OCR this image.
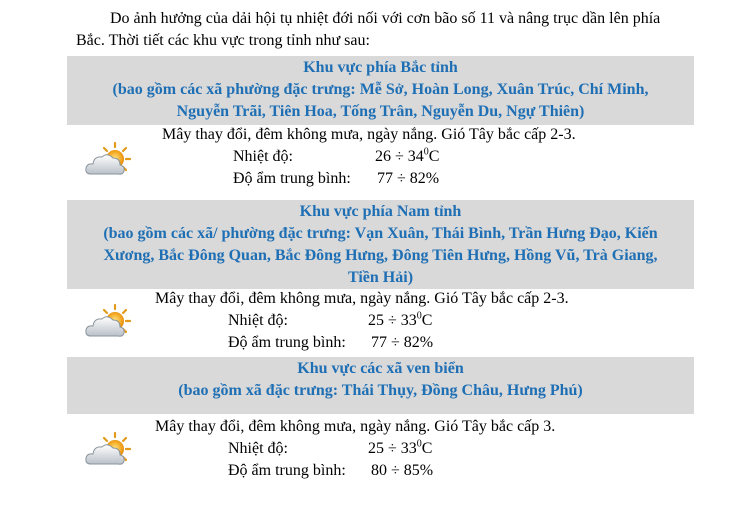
Do ảnh hưởng của dải hội tụ nhiệt đới nối với cơn bão số 11 và nâng trục dần lên phía
Bắc. Thời tiết các khu vực trong tỉnh như sau:
Khu vực phía Bắc tỉnh
(bao gồm các xã phường đặc trưng: Mễ Sở, Hoàn Long, Xuân Trúc, Chí Minh,
Nguyễn Trãi, Tiên Hoa, Tống Trân, Nguyễn Du, Ngự Thiên)
Mây thay đổi, đêm không mưa, ngày nắng. Gió Tây bắc cấp 2-3.
Nhiệt độ:	$26 \div 34^0C$
Độ ẩm trung bình: 77 ÷ 82%
Khu vực phía Nam tỉnh
(bao gồm các xã/ phường đặc trưng: Vạn Xuân, Thái Bình, Trần Hưng Đạo, Kiến
Xương, Bắc Đông Quan, Bắc Đông Hưng, Đông Tiên Hưng, Hồng Vũ, Trà Giang,
Tiền Hải)
Mây thay đổi, đêm không mưa, ngày nắng. Gió Tây bắc cấp 2-3.
Nhiệt độ:	$25 \div 33^0C$
Độ ẩm trung bình: 77 ÷ 82%
Khu vực các xã ven biển
(bao gồm xã đặc trưng: Thái Thụy, Đồng Châu, Hưng Phú)
Mây thay đổi, đêm không mưa, ngày nắng. Gió Tây bắc cấp 3.
Nhiệt độ:	$25 \div 33^0C$
Độ ẩm trung bình: 80 ÷ 85%
